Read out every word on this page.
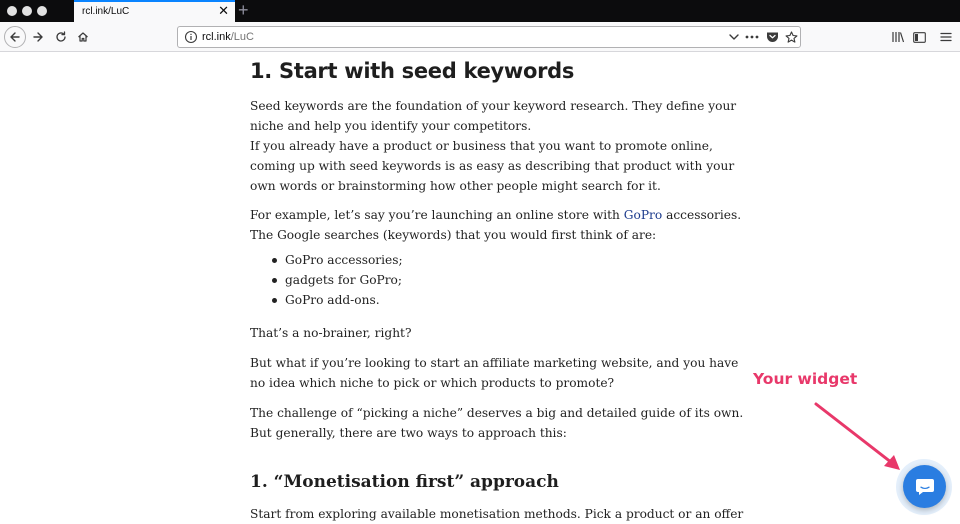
rcl.ink/LuC	✕ +
rcl.ink/LuC
1. Start with seed keywords
Seed keywords are the foundation of your keyword research. They define your
niche and help you identify your competitors.
If you already have a product or business that you want to promote online,
coming up with seed keywords is as easy as describing that product with your
own words or brainstorming how other people might search for it.
For example, let’s say you’re launching an online store with GoPro accessories.
The Google searches (keywords) that you would first think of are:
GoPro accessories;
gadgets for GoPro;
GoPro add-ons.
That’s a no-brainer, right?
But what if you’re looking to start an affiliate marketing website, and you have
no idea which niche to pick or which products to promote?
The challenge of “picking a niche” deserves a big and detailed guide of its own.
But generally, there are two ways to approach this:
1. “Monetisation first” approach
Start from exploring available monetisation methods. Pick a product or an offer
Your widget
